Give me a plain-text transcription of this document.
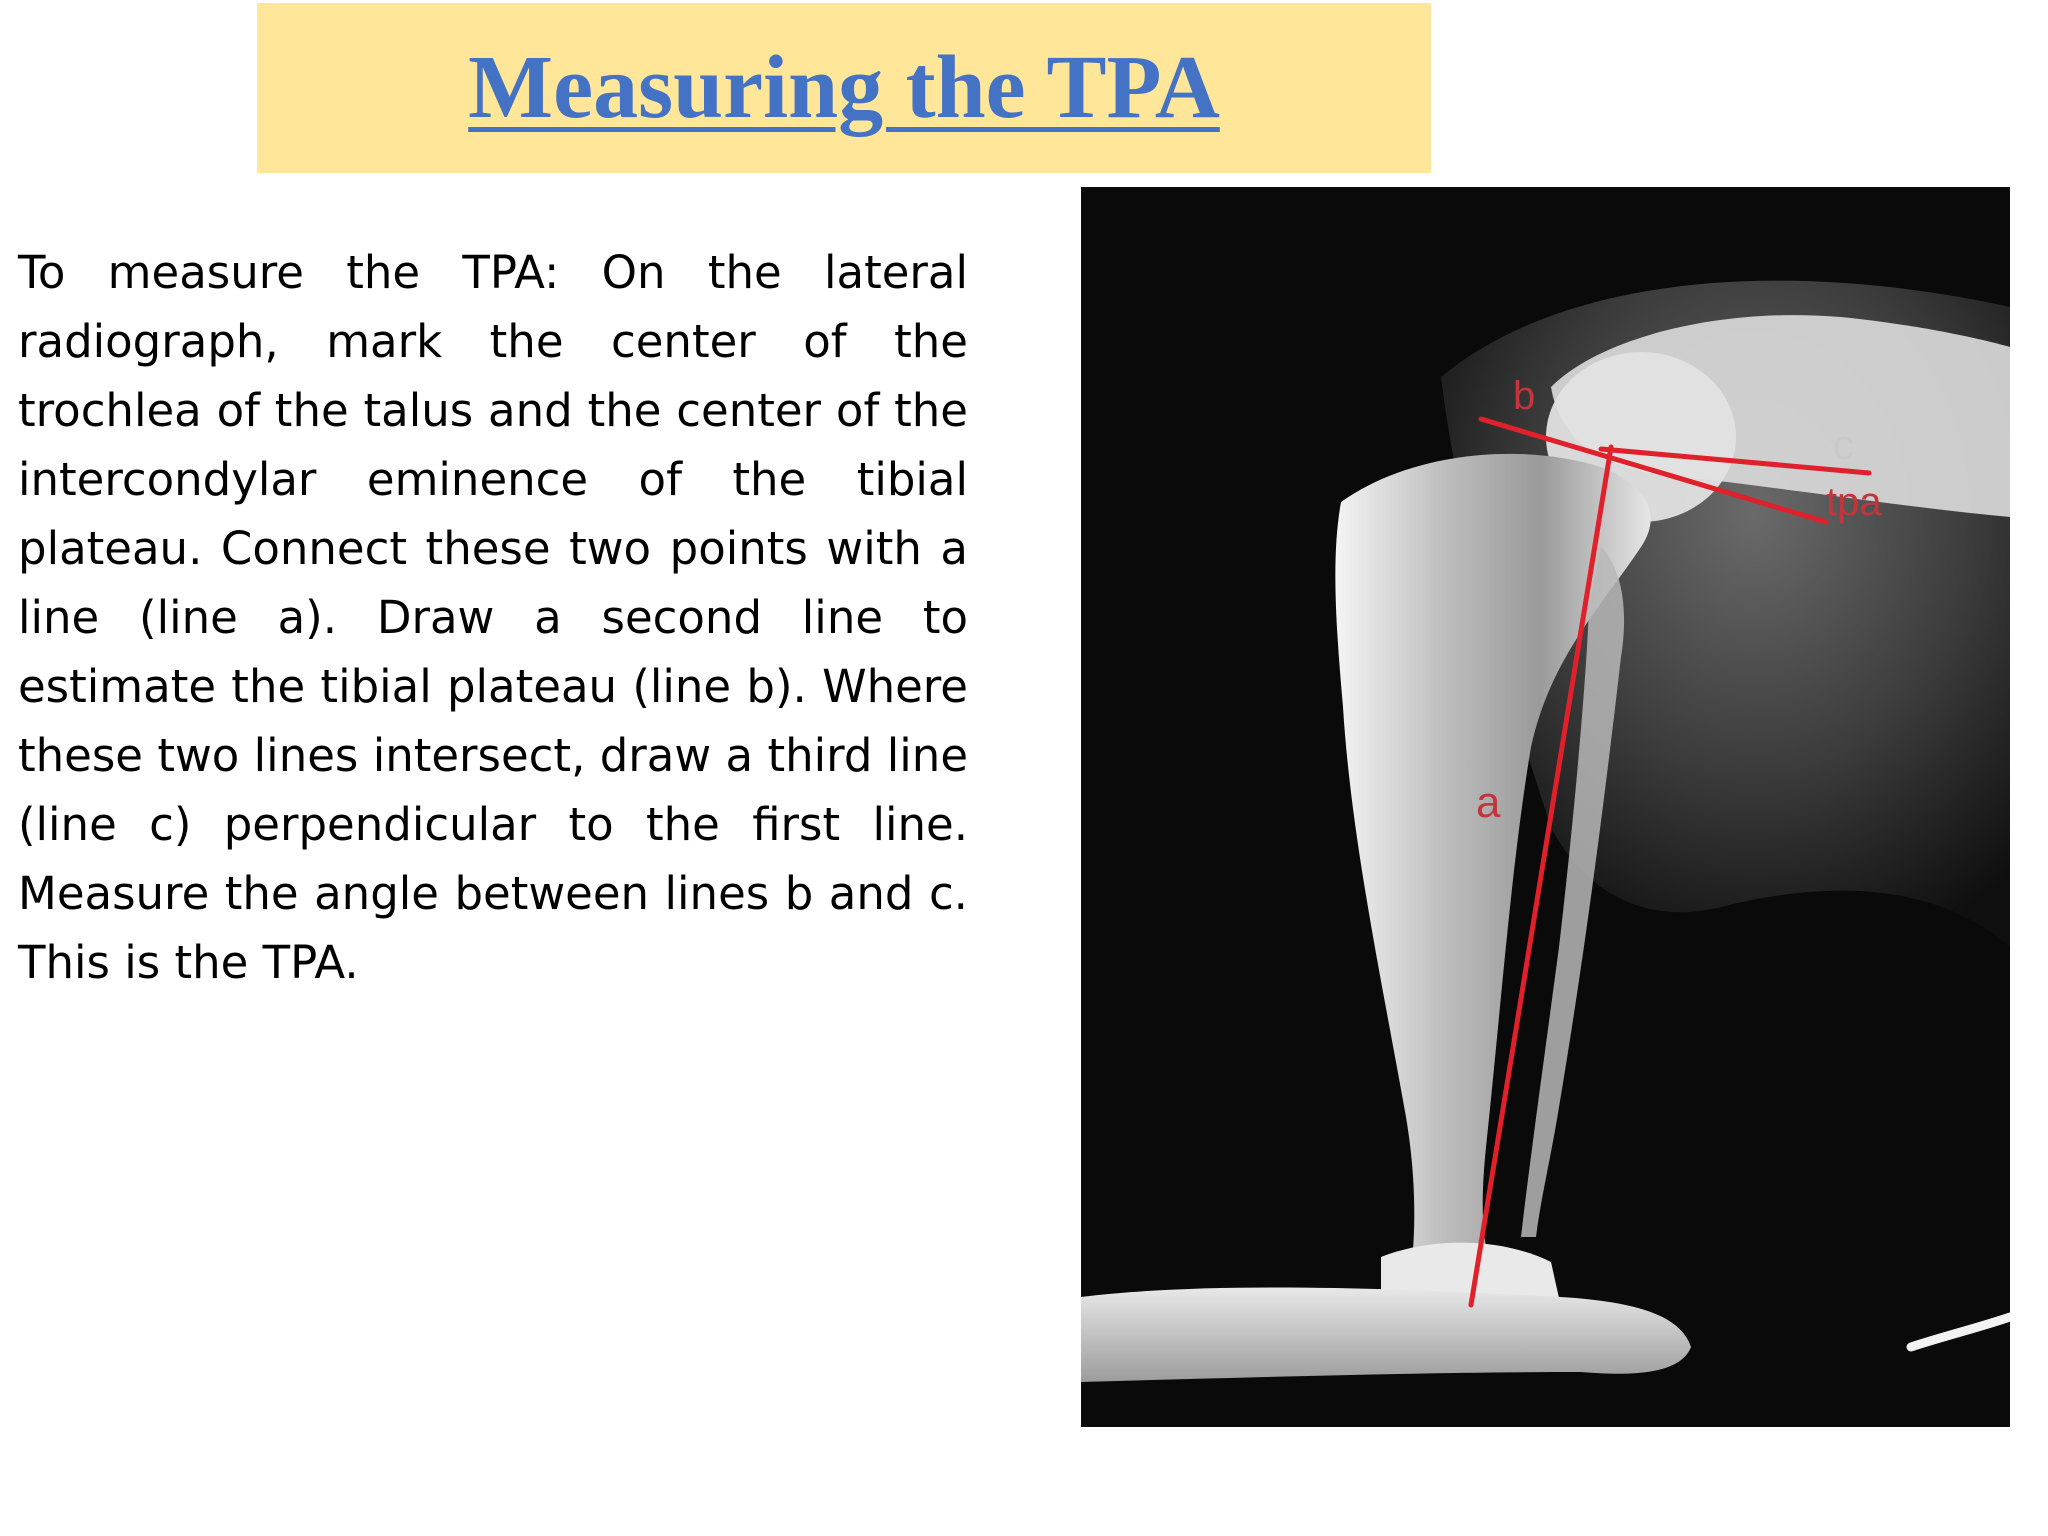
Measuring the TPA

To measure the TPA: On the lateral radiograph, mark the center of the trochlea of the talus and the center of the intercondylar eminence of the tibial plateau. Connect these two points with a line (line a). Draw a second line to estimate the tibial plateau (line b). Where these two lines intersect, draw a third line (line c) perpendicular to the first line. Measure the angle between lines b and c. This is the TPA.

b
c
tpa
a
